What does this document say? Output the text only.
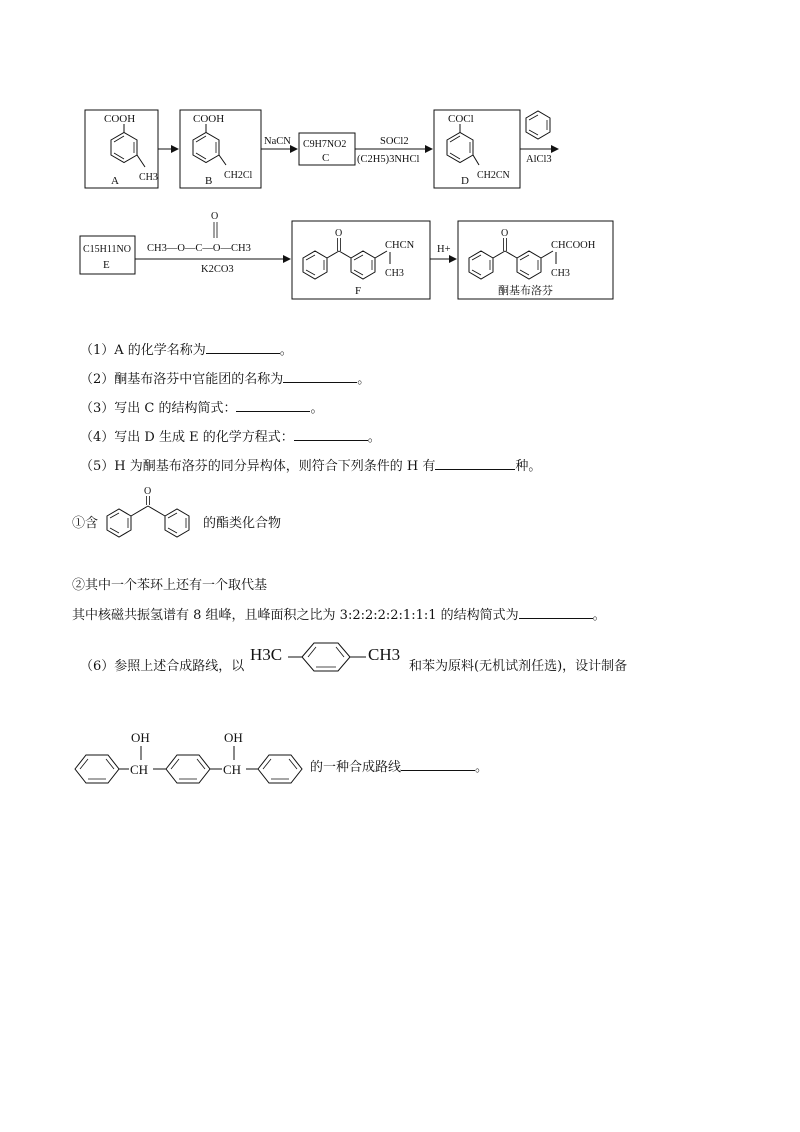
COOH
CH3
A
COOH
CH2Cl
B
NaCN C9H7NO2
C
SOCl2
(C2H5)3NHCl
COCl
CH2CN
D
AlCl3
C15H11NO
E
O
CH3—O—C—O—CH3
K2CO3
O
CHCN
CH3
F
H+
O
CHCOOH
CH3
酮基布洛芬
O
OH
CH
OH
CH
（1）A 的化学名称为	。
（2）酮基布洛芬中官能团的名称为	。
（3）写出 C 的结构简式：	。
（4）写出 D 生成 E 的化学方程式：	。
（5）H 为酮基布洛芬的同分异构体，则符合下列条件的 H 有	种。
①含	的酯类化合物
②其中一个苯环上还有一个取代基
其中核磁共振氢谱有 8 组峰，且峰面积之比为 3:2:2:2:2:1:1:1 的结构简式为	。
（6）参照上述合成路线，以
H3C	CH3
和苯为原料(无机试剂任选)，设计制备
的一种合成路线	。
